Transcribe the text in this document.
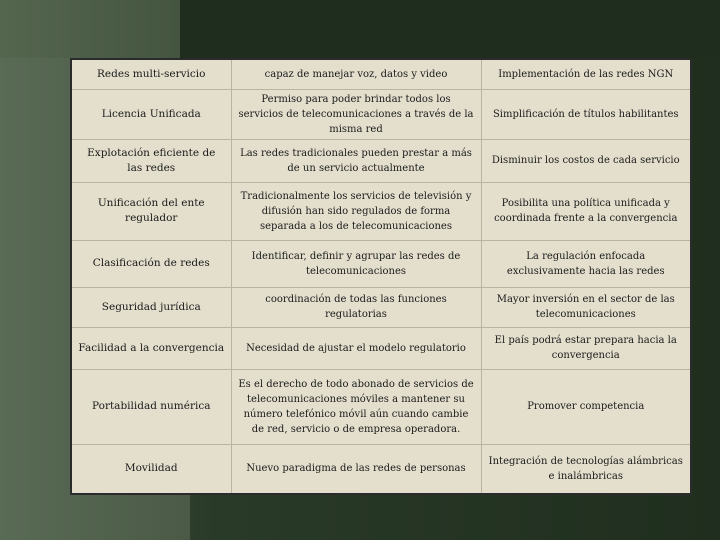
Redes multi-servicio	capaz de manejar voz, datos y video	Implementación de las redes NGN
Licencia Unificada	Permiso para poder brindar todos los servicios de telecomunicaciones a través de la misma red	Simplificación de títulos habilitantes
Explotación eficiente de las redes	Las redes tradicionales pueden prestar a más de un servicio actualmente	Disminuir los costos de cada servicio
Unificación del ente regulador	Tradicionalmente los servicios de televisión y difusión han sido regulados de forma separada a los de telecomunicaciones	Posibilita una política unificada y coordinada frente a la convergencia
Clasificación de redes	Identificar, definir y agrupar las redes de telecomunicaciones	La regulación enfocada exclusivamente hacia las redes
Seguridad jurídica	coordinación de todas las funciones regulatorias	Mayor inversión en el sector de las telecomunicaciones
Facilidad a la convergencia	Necesidad de ajustar el modelo regulatorio	El país podrá estar prepara hacia la convergencia
Portabilidad numérica	Es el derecho de todo abonado de servicios de telecomunicaciones móviles a mantener su número telefónico móvil aún cuando cambie de red, servicio o de empresa operadora.	Promover competencia
Movilidad	Nuevo paradigma de las redes de personas	Integración de tecnologías alámbricas e inalámbricas
